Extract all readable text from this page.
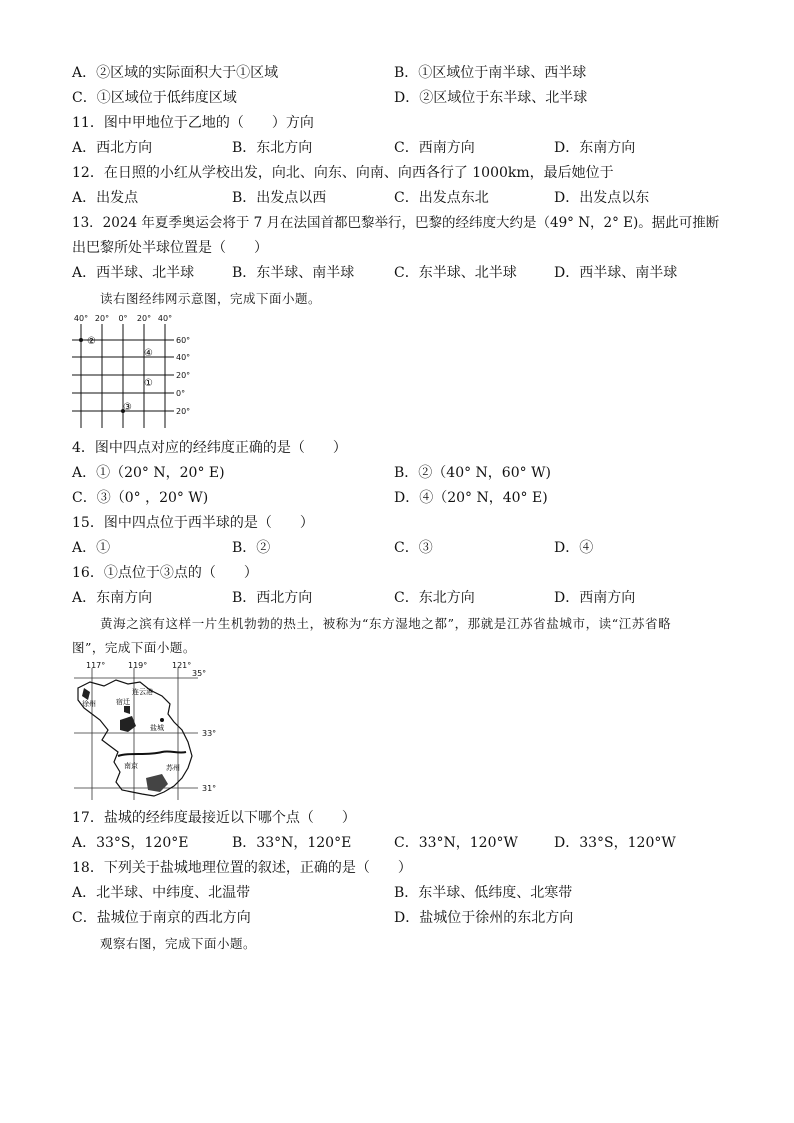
A．②区域的实际面积大于①区域	B．①区域位于南半球、西半球
C．①区域位于低纬度区域	D．②区域位于东半球、北半球
11．图中甲地位于乙地的（　　）方向
A．西北方向	B．东北方向	C．西南方向	D．东南方向
12．在日照的小红从学校出发，向北、向东、向南、向西各行了 1000km，最后她位于
A．出发点	B．出发点以西	C．出发点东北	D．出发点以东
13．2024 年夏季奥运会将于 7 月在法国首都巴黎举行，巴黎的经纬度大约是（49° N，2° E)。据此可推断
出巴黎所处半球位置是（　　）
A．西半球、北半球	B．东半球、南半球	C．东半球、北半球	D．西半球、南半球
读右图经纬网示意图，完成下面小题。
40° 20° 0° 20° 40°
60°
40°
20°
0°
20°
②
④
①
③
4．图中四点对应的经纬度正确的是（　　）
A．①（20° N，20° E)	B．②（40° N，60° W)
C．③（0° ，20° W)	D．④（20° N，40° E)
15．图中四点位于西半球的是（　　）
A．①	B．②	C．③	D．④
16．①点位于③点的（　　）
A．东南方向	B．西北方向	C．东北方向	D．西南方向
黄海之滨有这样一片生机勃勃的热土，被称为“东方湿地之都”，那就是江苏省盐城市，读“江苏省略
图”，完成下面小题。
117°	119°	121°
35°
33°
31°
徐州	宿迁
连云港
盐城
南京	苏州
17．盐城的经纬度最接近以下哪个点（　　）
A．33°S，120°E	B．33°N，120°E	C．33°N，120°W	D．33°S，120°W
18．下列关于盐城地理位置的叙述，正确的是（　　）
A．北半球、中纬度、北温带	B．东半球、低纬度、北寒带
C．盐城位于南京的西北方向	D．盐城位于徐州的东北方向
观察右图，完成下面小题。
